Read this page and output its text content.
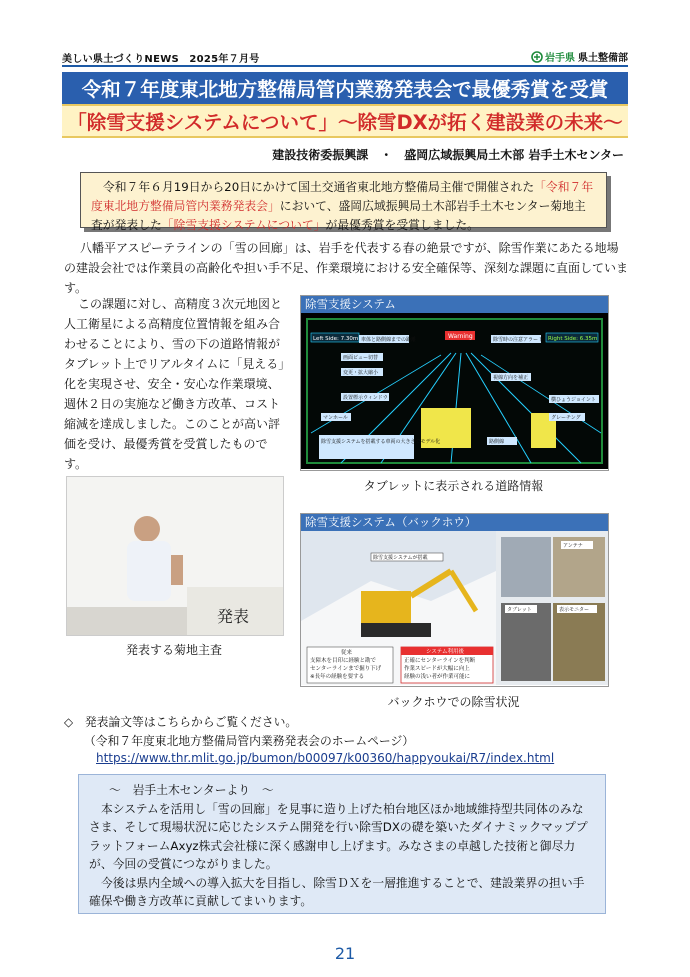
美しい県土づくりNEWS　2025年７月号	岩手県 県土整備部
令和７年度東北地方整備局管内業務発表会で最優秀賞を受賞
「除雪支援システムについて」〜除雪DXが拓く建設業の未来〜
建設技術委振興課　・　盛岡広域振興局土木部 岩手土木センター
令和７年６月19日から20日にかけて国土交通省東北地方整備局主催で開催された「令和７年度東北地方整備局管内業務発表会」において、盛岡広域振興局土木部岩手土木センター菊地主査が発表した「除雪支援システムについて」が最優秀賞を受賞しました。
八幡平アスピーテラインの「雪の回廊」は、岩手を代表する春の絶景ですが、除雪作業にあたる地場の建設会社では作業員の高齢化や担い手不足、作業環境における安全確保等、深刻な課題に直面しています。
この課題に対し、高精度３次元地図と人工衛星による高精度位置情報を組み合わせることにより、雪の下の道路情報がタブレット上でリアルタイムに「見える」化を実現させ、安全・安心な作業環境、週休２日の実施など働き方改革、コスト縮減を達成しました。このことが高い評価を受け、最優秀賞を受賞したものです。
除雪支援システム
Left Side: 7.30m	Right Side: 6.35m
Warning
車体と路側線までの距離	除雪時の注意アラート
画面ビュー切替
変更・拡大縮小
設置標示ウィンドウ
マンホール
視線方向を補正
グレーチング
横ひょうジョイント
除雪支援システムを搭載する車両の大きさでモデル化	路側線
タブレットに表示される道路情報
発表
発表する菊地主査
除雪支援システム（バックホウ）
除雪支援システムが搭載
アンテナ
タブレット	表示モニター
従来
支障木を目印に経験と勘で
センターラインまで掘り下げ
※長年の経験を要する
システム利用後
正確にセンターラインを判断
作業スピードが大幅に向上
経験の浅い者が作業可能に
バックホウでの除雪状況
◇　発表論文等はこちらからご覧ください。
（令和７年度東北地方整備局管内業務発表会のホームページ）
https://www.thr.mlit.go.jp/bumon/b00097/k00360/happyoukai/R7/index.html
〜　岩手土木センターより　〜
本システムを活用し「雪の回廊」を見事に造り上げた柏台地区ほか地域維持型共同体のみなさま、そして現場状況に応じたシステム開発を行い除雪DXの礎を築いたダイナミックマッププラットフォームAxyz株式会社様に深く感謝申し上げます。みなさまの卓越した技術と御尽力が、今回の受賞につながりました。
今後は県内全域への導入拡大を目指し、除雪ＤＸを一層推進することで、建設業界の担い手確保や働き方改革に貢献してまいります。
21
